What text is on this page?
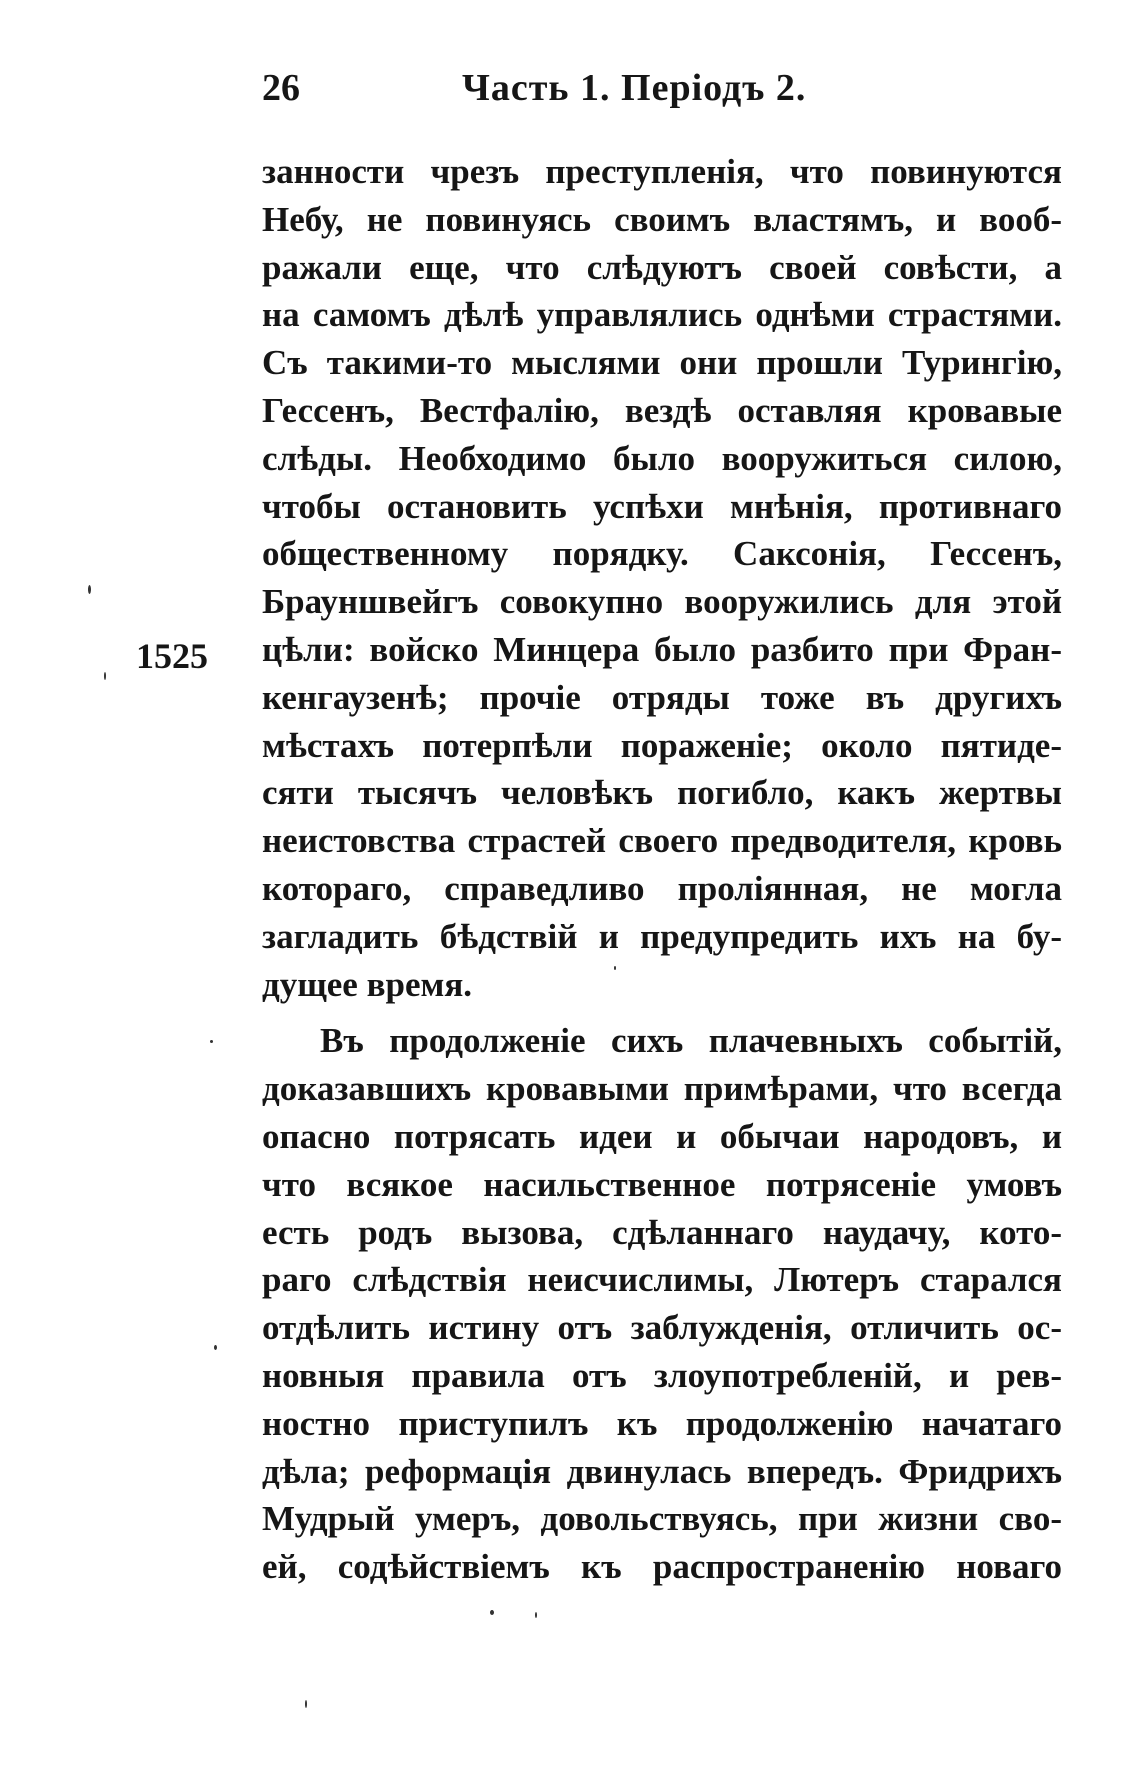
26	Часть 1. Періодъ 2.
1525
занности чрезъ преступленія, что повинуются
Небу, не повинуясь своимъ властямъ, и вооб-
ражали еще, что слѣдуютъ своей совѣсти, а
на самомъ дѣлѣ управлялись однѣми страстями.
Съ такими-то мыслями они прошли Турингію,
Гессенъ, Вестфалію, вездѣ оставляя кровавые
слѣды. Необходимо было вооружиться силою,
чтобы остановить успѣхи мнѣнія, противнаго
общественному порядку. Саксонія, Гессенъ,
Брауншвейгъ совокупно вооружились для этой
цѣли: войско Минцера было разбито при Фран-
кенгаузенѣ; прочіе отряды тоже въ другихъ
мѣстахъ потерпѣли пораженіе; около пятиде-
сяти тысячъ человѣкъ погибло, какъ жертвы
неистовства страстей своего предводителя, кровь
котораго, справедливо проліянная, не могла
загладить бѣдствій и предупредить ихъ на бу-
дущее время.
Въ продолженіе сихъ плачевныхъ событій,
доказавшихъ кровавыми примѣрами, что всегда
опасно потрясать идеи и обычаи народовъ, и
что всякое насильственное потрясеніе умовъ
есть родъ вызова, сдѣланнаго наудачу, кото-
раго слѣдствія неисчислимы, Лютеръ старался
отдѣлить истину отъ заблужденія, отличить ос-
новныя правила отъ злоупотребленій, и рев-
ностно приступилъ къ продолженію начатаго
дѣла; реформація двинулась впередъ. Фридрихъ
Мудрый умеръ, довольствуясь, при жизни сво-
ей, содѣйствіемъ къ распространенію новаго
